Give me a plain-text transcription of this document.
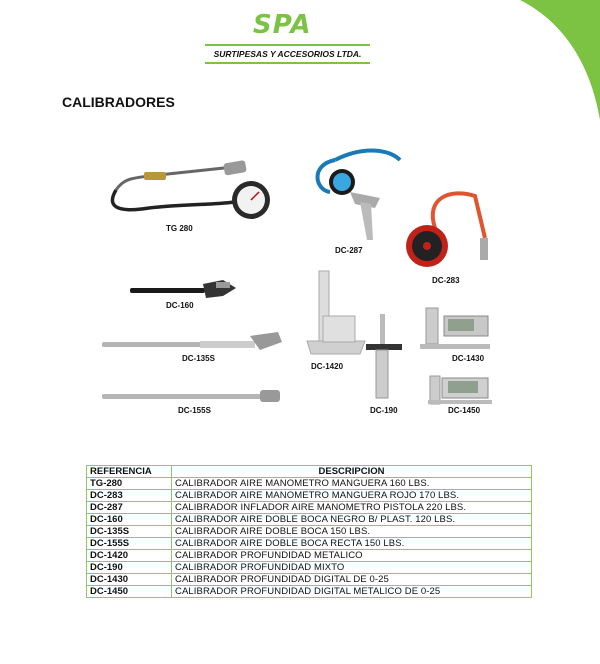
SPA
SURTIPESAS Y ACCESORIOS LTDA.
CALIBRADORES
TG 280
DC-287
DC-283
DC-160
DC-135S
DC-155S
DC-1420
DC-190
DC-1430
DC-1450
REFERENCIA	DESCRIPCION
TG-280	CALIBRADOR AIRE MANOMETRO MANGUERA 160 LBS.
DC-283	CALIBRADOR AIRE MANOMETRO MANGUERA ROJO 170 LBS.
DC-287	CALIBRADOR INFLADOR AIRE MANOMETRO PISTOLA 220 LBS.
DC-160	CALIBRADOR AIRE DOBLE BOCA NEGRO B/ PLAST. 120 LBS.
DC-135S	CALIBRADOR AIRE DOBLE BOCA 150 LBS.
DC-155S	CALIBRADOR AIRE DOBLE BOCA RECTA 150 LBS.
DC-1420	CALIBRADOR PROFUNDIDAD METALICO
DC-190	CALIBRADOR PROFUNDIDAD MIXTO
DC-1430	CALIBRADOR PROFUNDIDAD DIGITAL DE 0-25
DC-1450	CALIBRADOR PROFUNDIDAD DIGITAL METALICO DE 0-25
